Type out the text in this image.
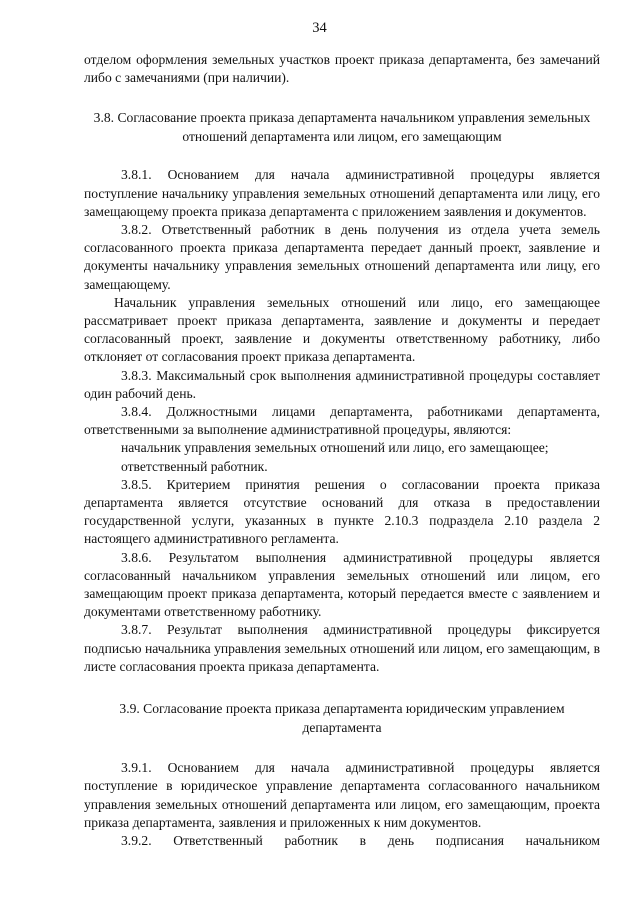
34

отделом оформления земельных участков проект приказа департамента, без замечаний либо с замечаниями (при наличии).

3.8. Согласование проекта приказа департамента начальником управления земельных отношений департамента или лицом, его замещающим

3.8.1. Основанием для начала административной процедуры является поступление начальнику управления земельных отношений департамента или лицу, его замещающему проекта приказа департамента с приложением заявления и документов.

3.8.2. Ответственный работник в день получения из отдела учета земель согласованного проекта приказа департамента передает данный проект, заявление и документы начальнику управления земельных отношений департамента или лицу, его замещающему.

Начальник управления земельных отношений или лицо, его замещающее рассматривает проект приказа департамента, заявление и документы и передает согласованный проект, заявление и документы ответственному работнику, либо отклоняет от согласования проект приказа департамента.

3.8.3. Максимальный срок выполнения административной процедуры составляет один рабочий день.

3.8.4. Должностными лицами департамента, работниками департамента, ответственными за выполнение административной процедуры, являются:

начальник управления земельных отношений или лицо, его замещающее;

ответственный работник.

3.8.5. Критерием принятия решения о согласовании проекта приказа департамента является отсутствие оснований для отказа в предоставлении государственной услуги, указанных в пункте 2.10.3 подраздела 2.10 раздела 2 настоящего административного регламента.

3.8.6. Результатом выполнения административной процедуры является согласованный начальником управления земельных отношений или лицом, его замещающим проект приказа департамента, который передается вместе с заявлением и документами ответственному работнику.

3.8.7. Результат выполнения административной процедуры фиксируется подписью начальника управления земельных отношений или лицом, его замещающим, в листе согласования проекта приказа департамента.

3.9. Согласование проекта приказа департамента юридическим управлением департамента

3.9.1. Основанием для начала административной процедуры является поступление в юридическое управление департамента согласованного начальником управления земельных отношений департамента или лицом, его замещающим, проекта приказа департамента, заявления и приложенных к ним документов.

3.9.2. Ответственный работник в день подписания начальником
